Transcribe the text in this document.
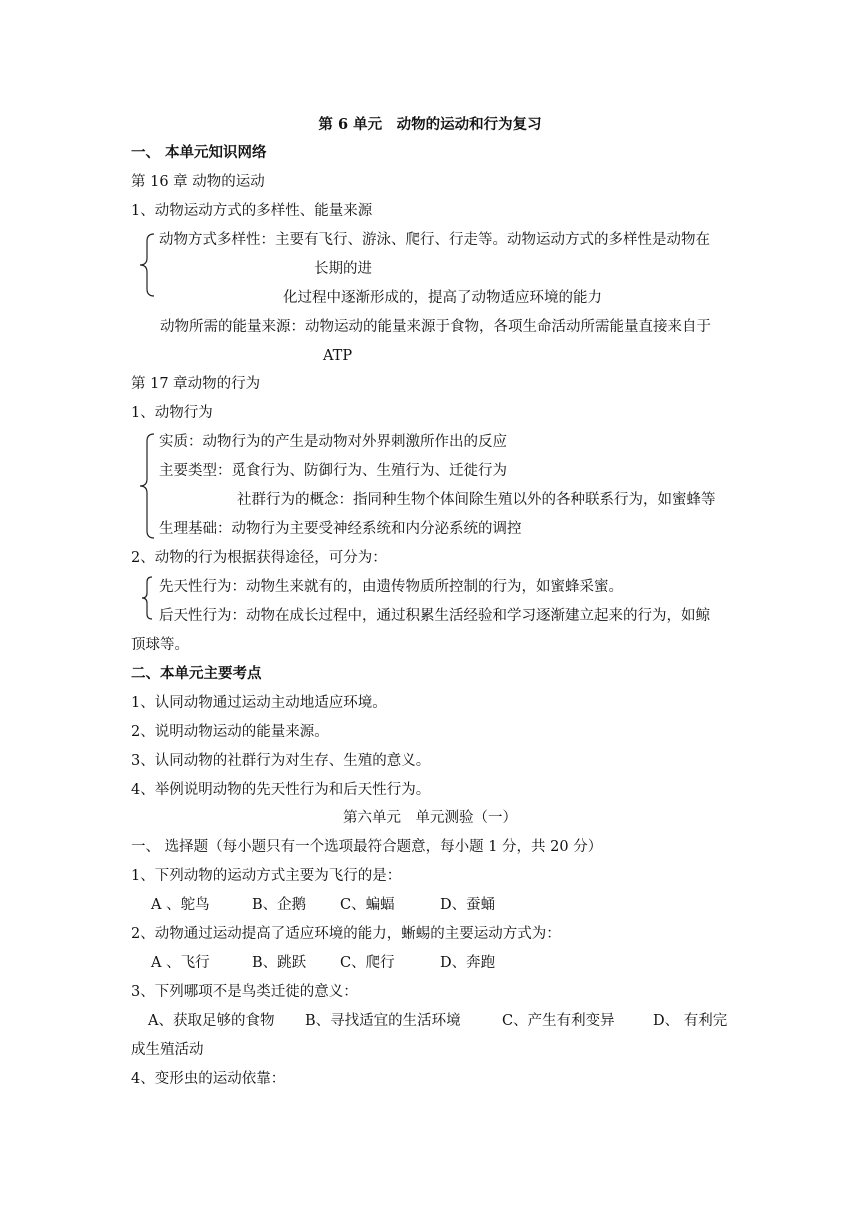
第 6 单元　动物的运动和行为复习
一、 本单元知识网络
第 16 章 动物的运动
1、动物运动方式的多样性、能量来源
动物方式多样性：主要有飞行、游泳、爬行、行走等。动物运动方式的多样性是动物在
长期的进
化过程中逐渐形成的，提高了动物适应环境的能力
动物所需的能量来源：动物运动的能量来源于食物，各项生命活动所需能量直接来自于
ATP
第 17 章动物的行为
1、动物行为
实质：动物行为的产生是动物对外界刺激所作出的反应
主要类型：觅食行为、防御行为、生殖行为、迁徙行为
社群行为的概念：指同种生物个体间除生殖以外的各种联系行为，如蜜蜂等
生理基础：动物行为主要受神经系统和内分泌系统的调控
2、动物的行为根据获得途径，可分为：
先天性行为：动物生来就有的，由遗传物质所控制的行为，如蜜蜂采蜜。
后天性行为：动物在成长过程中，通过积累生活经验和学习逐渐建立起来的行为，如鲸
顶球等。
二、本单元主要考点
1、认同动物通过运动主动地适应环境。
2、说明动物运动的能量来源。
3、认同动物的社群行为对生存、生殖的意义。
4、举例说明动物的先天性行为和后天性行为。
第六单元　单元测验（一）
一、 选择题（每小题只有一个选项最符合题意，每小题 1 分，共 20 分）
1、下列动物的运动方式主要为飞行的是：
A 、鸵鸟	B、企鹅 C、蝙蝠	D、蚕蛹
2、动物通过运动提高了适应环境的能力，蜥蜴的主要运动方式为：
A 、飞行	B、跳跃 C、爬行	D、奔跑
3、下列哪项不是鸟类迁徙的意义：
A、获取足够的食物 B、寻找适宜的生活环境	C、产生有利变异	D、 有利完
成生殖活动
4、变形虫的运动依靠：
